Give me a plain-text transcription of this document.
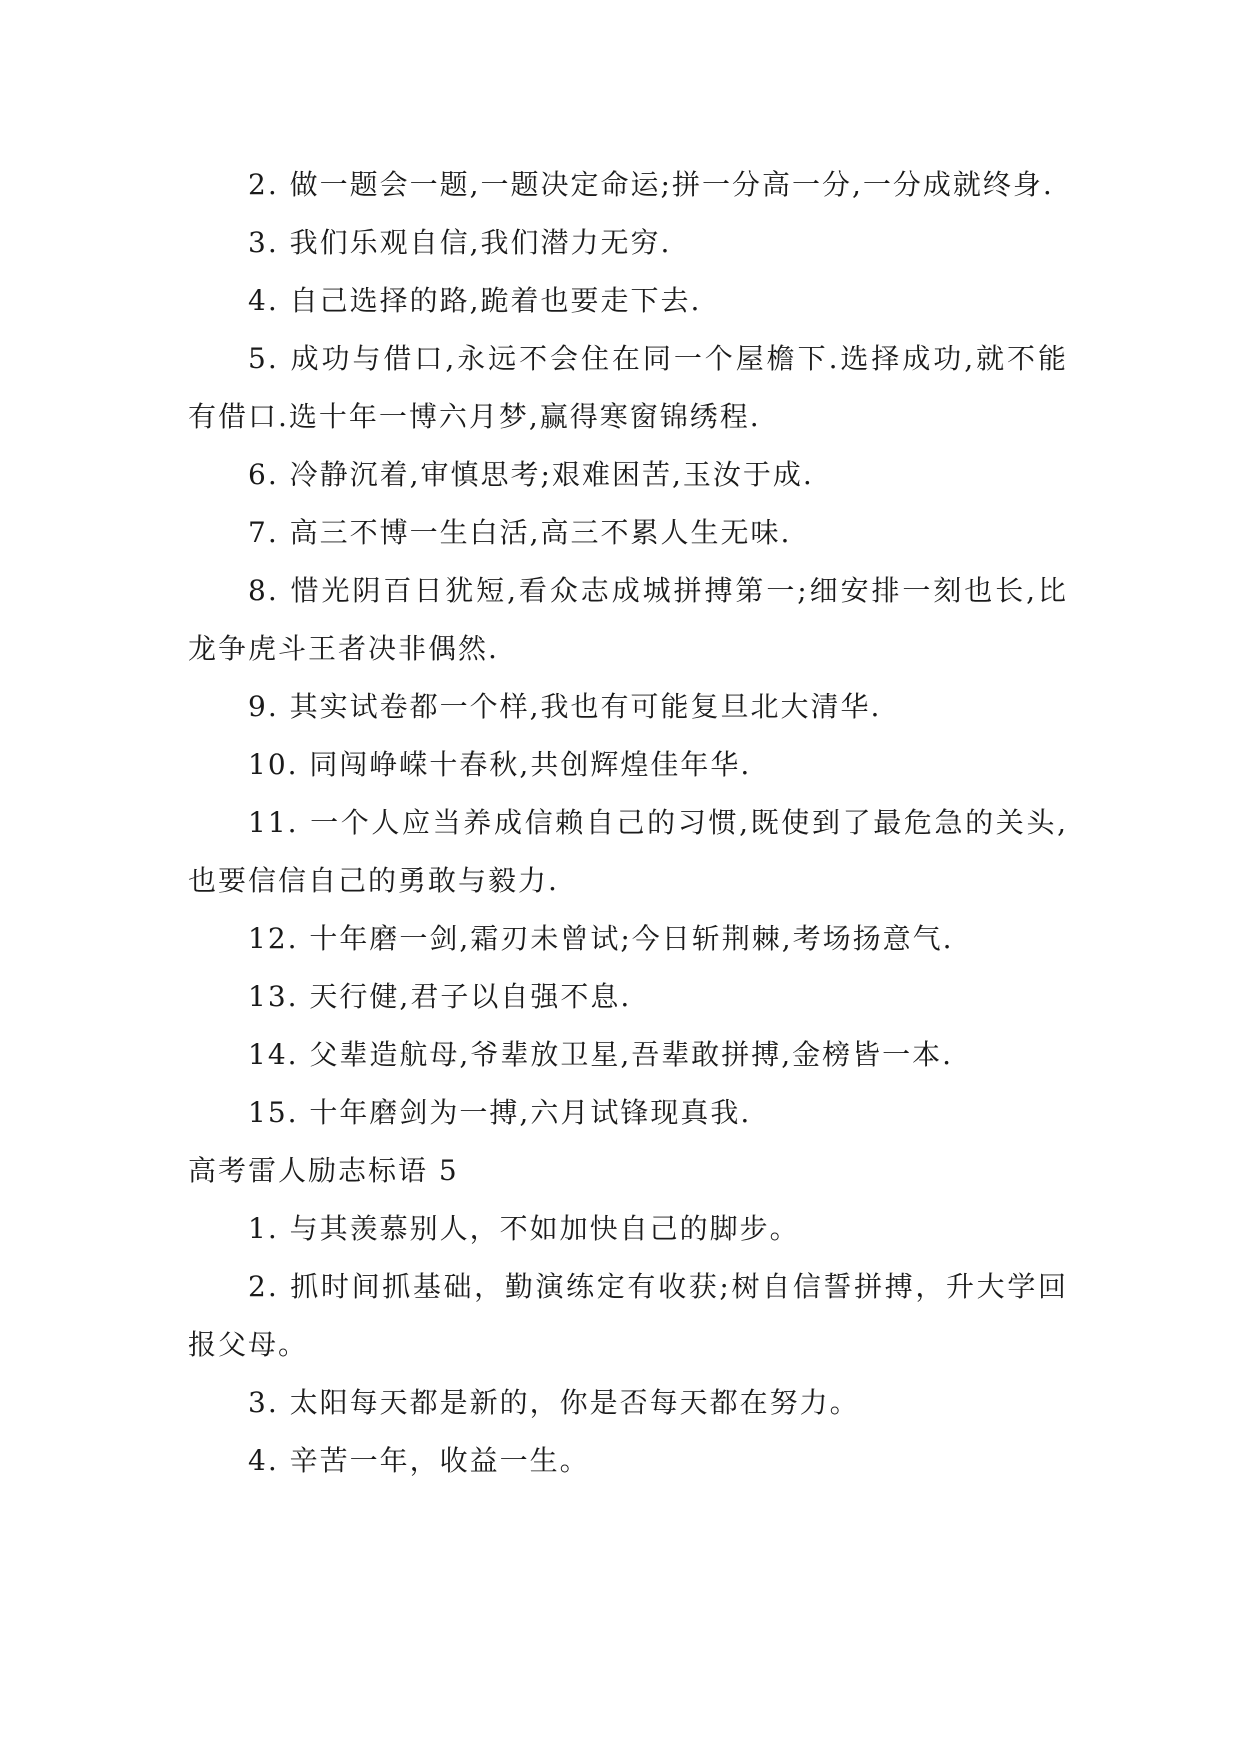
2. 做一题会一题,一题决定命运;拼一分高一分,一分成就终身.

3. 我们乐观自信,我们潜力无穷.

4. 自己选择的路,跪着也要走下去.

5. 成功与借口,永远不会住在同一个屋檐下.选择成功,就不能有借口.选十年一博六月梦,赢得寒窗锦绣程.

6. 冷静沉着,审慎思考;艰难困苦,玉汝于成.

7. 高三不博一生白活,高三不累人生无味.

8. 惜光阴百日犹短,看众志成城拼搏第一;细安排一刻也长,比龙争虎斗王者决非偶然.

9. 其实试卷都一个样,我也有可能复旦北大清华.

10. 同闯峥嵘十春秋,共创辉煌佳年华.

11. 一个人应当养成信赖自己的习惯,既使到了最危急的关头,也要信信自己的勇敢与毅力.

12. 十年磨一剑,霜刃未曾试;今日斩荆棘,考场扬意气.

13. 天行健,君子以自强不息.

14. 父辈造航母,爷辈放卫星,吾辈敢拼搏,金榜皆一本.

15. 十年磨剑为一搏,六月试锋现真我.

高考雷人励志标语 5

1. 与其羡慕别人，不如加快自己的脚步。

2. 抓时间抓基础，勤演练定有收获;树自信誓拼搏，升大学回报父母。

3. 太阳每天都是新的，你是否每天都在努力。

4. 辛苦一年，收益一生。
